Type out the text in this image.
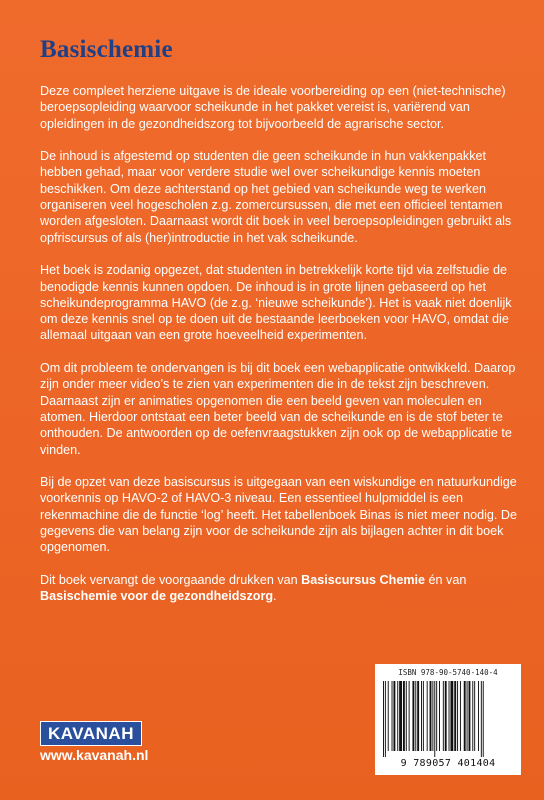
Basischemie

Deze compleet herziene uitgave is de ideale voorbereiding op een (niet-technische) beroepsopleiding waarvoor scheikunde in het pakket vereist is, variërend van opleidingen in de gezondheidszorg tot bijvoorbeeld de agrarische sector.

De inhoud is afgestemd op studenten die geen scheikunde in hun vakkenpakket hebben gehad, maar voor verdere studie wel over scheikundige kennis moeten beschikken. Om deze achterstand op het gebied van scheikunde weg te werken organiseren veel hogescholen z.g. zomercursussen, die met een officieel tentamen worden afgesloten. Daarnaast wordt dit boek in veel beroepsopleidingen gebruikt als opfriscursus of als (her)introductie in het vak scheikunde.

Het boek is zodanig opgezet, dat studenten in betrekkelijk korte tijd via zelfstudie de benodigde kennis kunnen opdoen. De inhoud is in grote lijnen gebaseerd op het scheikundeprogramma HAVO (de z.g. ‘nieuwe scheikunde’). Het is vaak niet doenlijk om deze kennis snel op te doen uit de bestaande leerboeken voor HAVO, omdat die allemaal uitgaan van een grote hoeveelheid experimenten.

Om dit probleem te ondervangen is bij dit boek een webapplicatie ontwikkeld. Daarop zijn onder meer video’s te zien van experimenten die in de tekst zijn beschreven. Daarnaast zijn er animaties opgenomen die een beeld geven van moleculen en atomen. Hierdoor ontstaat een beter beeld van de scheikunde en is de stof beter te onthouden. De antwoorden op de oefenvraagstukken zijn ook op de webapplicatie te vinden.

Bij de opzet van deze basiscursus is uitgegaan van een wiskundige en natuurkundige voorkennis op HAVO-2 of HAVO-3 niveau. Een essentieel hulpmiddel is een rekenmachine die de functie ‘log’ heeft. Het tabellenboek Binas is niet meer nodig. De gegevens die van belang zijn voor de scheikunde zijn als bijlagen achter in dit boek opgenomen.

Dit boek vervangt de voorgaande drukken van Basiscursus Chemie én van Basischemie voor de gezondheidszorg.

KAVANAH
www.kavanah.nl
ISBN 978-90-5740-140-4
9 789057 401404
